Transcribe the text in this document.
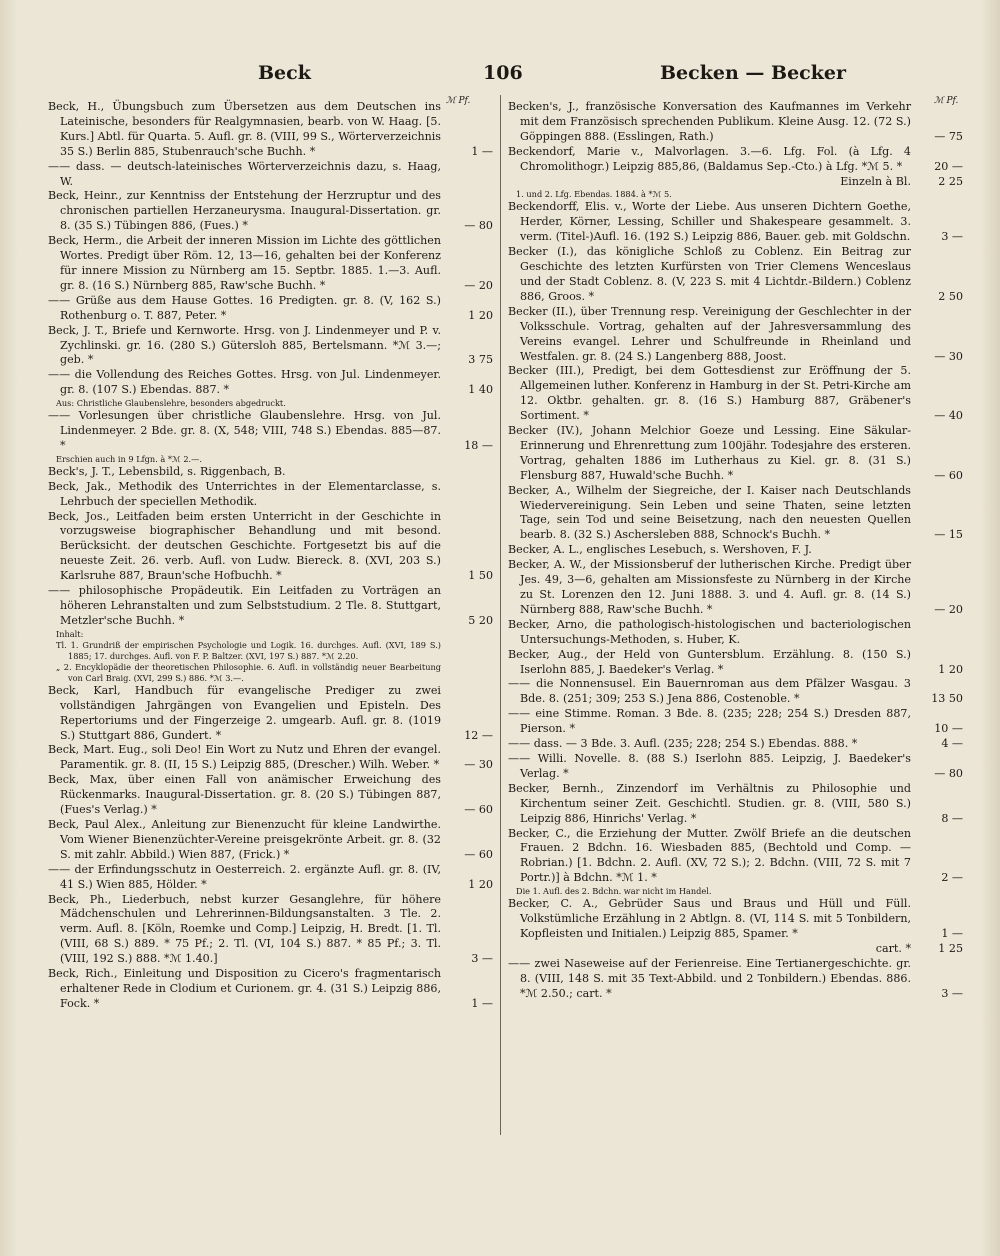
Beck	106	Becken — Becker
ℳ Pf.	ℳ Pf.
Beck, H., Übungsbuch zum Übersetzen aus dem Deutschen ins Lateinische, besonders für Realgymnasien, bearb. von W. Haag. [5. Kurs.] Abtl. für Quarta. 5. Aufl. gr. 8. (VIII, 99 S., Wörterverzeichnis 35 S.) Berlin 885, Stubenrauch'sche Buchh. *	1 —
—— dass. — deutsch-lateinisches Wörterverzeichnis dazu, s. Haag, W.
Beck, Heinr., zur Kenntniss der Entstehung der Herzruptur und des chronischen partiellen Herzaneurysma. Inaugural-Dissertation. gr. 8. (35 S.) Tübingen 886, (Fues.) *	— 80
Beck, Herm., die Arbeit der inneren Mission im Lichte des göttlichen Wortes. Predigt über Röm. 12, 13—16, gehalten bei der Konferenz für innere Mission zu Nürnberg am 15. Septbr. 1885. 1.—3. Aufl. gr. 8. (16 S.) Nürnberg 885, Raw'sche Buchh. *	— 20
—— Grüße aus dem Hause Gottes. 16 Predigten. gr. 8. (V, 162 S.) Rothenburg o. T. 887, Peter. *	1 20
Beck, J. T., Briefe und Kernworte. Hrsg. von J. Lindenmeyer und P. v. Zychlinski. gr. 16. (280 S.) Gütersloh 885, Bertelsmann. *ℳ 3.—; geb. *	3 75
—— die Vollendung des Reiches Gottes. Hrsg. von Jul. Lindenmeyer. gr. 8. (107 S.) Ebendas. 887. *	1 40
Aus: Christliche Glaubenslehre, besonders abgedruckt.
—— Vorlesungen über christliche Glaubenslehre. Hrsg. von Jul. Lindenmeyer. 2 Bde. gr. 8. (X, 548; VIII, 748 S.) Ebendas. 885—87. *	18 —
Erschien auch in 9 Lfgn. à *ℳ 2.—.
Beck's, J. T., Lebensbild, s. Riggenbach, B.
Beck, Jak., Methodik des Unterrichtes in der Elementarclasse, s. Lehrbuch der speciellen Methodik.
Beck, Jos., Leitfaden beim ersten Unterricht in der Geschichte in vorzugsweise biographischer Behandlung und mit besond. Berücksicht. der deutschen Geschichte. Fortgesetzt bis auf die neueste Zeit. 26. verb. Aufl. von Ludw. Biereck. 8. (XVI, 203 S.) Karlsruhe 887, Braun'sche Hofbuchh. *	1 50
—— philosophische Propädeutik. Ein Leitfaden zu Vorträgen an höheren Lehranstalten und zum Selbststudium. 2 Tle. 8. Stuttgart, Metzler'sche Buchh. *	5 20
Inhalt:
Tl. 1. Grundriß der empirischen Psychologie und Logik. 16. durchges. Aufl. (XVI, 189 S.) 1885; 17. durchges. Aufl. von F. P. Baltzer. (XVI, 197 S.) 887. *ℳ 2.20.
„ 2. Encyklopädie der theoretischen Philosophie. 6. Aufl. in vollständig neuer Bearbeitung von Carl Braig. (XVI, 299 S.) 886. *ℳ 3.—.
Beck, Karl, Handbuch für evangelische Prediger zu zwei vollständigen Jahrgängen von Evangelien und Episteln. Des Repertoriums und der Fingerzeige 2. umgearb. Aufl. gr. 8. (1019 S.) Stuttgart 886, Gundert. *	12 —
Beck, Mart. Eug., soli Deo! Ein Wort zu Nutz und Ehren der evangel. Paramentik. gr. 8. (II, 15 S.) Leipzig 885, (Drescher.) Wilh. Weber. *	— 30
Beck, Max, über einen Fall von anämischer Erweichung des Rückenmarks. Inaugural-Dissertation. gr. 8. (20 S.) Tübingen 887, (Fues's Verlag.) *	— 60
Beck, Paul Alex., Anleitung zur Bienenzucht für kleine Landwirthe. Vom Wiener Bienenzüchter-Vereine preisgekrönte Arbeit. gr. 8. (32 S. mit zahlr. Abbild.) Wien 887, (Frick.) *	— 60
—— der Erfindungsschutz in Oesterreich. 2. ergänzte Aufl. gr. 8. (IV, 41 S.) Wien 885, Hölder. *	1 20
Beck, Ph., Liederbuch, nebst kurzer Gesanglehre, für höhere Mädchenschulen und Lehrerinnen-Bildungsanstalten. 3 Tle. 2. verm. Aufl. 8. [Köln, Roemke und Comp.] Leipzig, H. Bredt. [1. Tl. (VIII, 68 S.) 889. * 75 Pf.; 2. Tl. (VI, 104 S.) 887. * 85 Pf.; 3. Tl. (VIII, 192 S.) 888. *ℳ 1.40.]	3 —
Beck, Rich., Einleitung und Disposition zu Cicero's fragmentarisch erhaltener Rede in Clodium et Curionem. gr. 4. (31 S.) Leipzig 886, Fock. *	1 —
Becken's, J., französische Konversation des Kaufmannes im Verkehr mit dem Französisch sprechenden Publikum. Kleine Ausg. 12. (72 S.) Göppingen 888. (Esslingen, Rath.)	— 75
Beckendorf, Marie v., Malvorlagen. 3.—6. Lfg. Fol. (à Lfg. 4 Chromolithogr.) Leipzig 885,86, (Baldamus Sep.-Cto.) à Lfg. *ℳ 5. *	20 —
Einzeln à Bl.	2 25
1. und 2. Lfg. Ebendas. 1884. à *ℳ 5.
Beckendorff, Elis. v., Worte der Liebe. Aus unseren Dichtern Goethe, Herder, Körner, Lessing, Schiller und Shakespeare gesammelt. 3. verm. (Titel-)Aufl. 16. (192 S.) Leipzig 886, Bauer. geb. mit Goldschn.	3 —
Becker (I.), das königliche Schloß zu Coblenz. Ein Beitrag zur Geschichte des letzten Kurfürsten von Trier Clemens Wenceslaus und der Stadt Coblenz. 8. (V, 223 S. mit 4 Lichtdr.-Bildern.) Coblenz 886, Groos. *	2 50
Becker (II.), über Trennung resp. Vereinigung der Geschlechter in der Volksschule. Vortrag, gehalten auf der Jahresversammlung des Vereins evangel. Lehrer und Schulfreunde in Rheinland und Westfalen. gr. 8. (24 S.) Langenberg 888, Joost.	— 30
Becker (III.), Predigt, bei dem Gottesdienst zur Eröffnung der 5. Allgemeinen luther. Konferenz in Hamburg in der St. Petri-Kirche am 12. Oktbr. gehalten. gr. 8. (16 S.) Hamburg 887, Gräbener's Sortiment. *	— 40
Becker (IV.), Johann Melchior Goeze und Lessing. Eine Säkular-Erinnerung und Ehrenrettung zum 100jähr. Todesjahre des ersteren. Vortrag, gehalten 1886 im Lutherhaus zu Kiel. gr. 8. (31 S.) Flensburg 887, Huwald'sche Buchh. *	— 60
Becker, A., Wilhelm der Siegreiche, der I. Kaiser nach Deutschlands Wiedervereinigung. Sein Leben und seine Thaten, seine letzten Tage, sein Tod und seine Beisetzung, nach den neuesten Quellen bearb. 8. (32 S.) Aschersleben 888, Schnock's Buchh. *	— 15
Becker, A. L., englisches Lesebuch, s. Wershoven, F. J.
Becker, A. W., der Missionsberuf der lutherischen Kirche. Predigt über Jes. 49, 3—6, gehalten am Missionsfeste zu Nürnberg in der Kirche zu St. Lorenzen den 12. Juni 1888. 3. und 4. Aufl. gr. 8. (14 S.) Nürnberg 888, Raw'sche Buchh. *	— 20
Becker, Arno, die pathologisch-histologischen und bacteriologischen Untersuchungs-Methoden, s. Huber, K.
Becker, Aug., der Held von Guntersblum. Erzählung. 8. (150 S.) Iserlohn 885, J. Baedeker's Verlag. *	1 20
—— die Nonnensusel. Ein Bauernroman aus dem Pfälzer Wasgau. 3 Bde. 8. (251; 309; 253 S.) Jena 886, Costenoble. *	13 50
—— eine Stimme. Roman. 3 Bde. 8. (235; 228; 254 S.) Dresden 887, Pierson. *	10 —
—— dass. — 3 Bde. 3. Aufl. (235; 228; 254 S.) Ebendas. 888. *	4 —
—— Willi. Novelle. 8. (88 S.) Iserlohn 885. Leipzig, J. Baedeker's Verlag. *	— 80
Becker, Bernh., Zinzendorf im Verhältnis zu Philosophie und Kirchentum seiner Zeit. Geschichtl. Studien. gr. 8. (VIII, 580 S.) Leipzig 886, Hinrichs' Verlag. *	8 —
Becker, C., die Erziehung der Mutter. Zwölf Briefe an die deutschen Frauen. 2 Bdchn. 16. Wiesbaden 885, (Bechtold und Comp. — Robrian.) [1. Bdchn. 2. Aufl. (XV, 72 S.); 2. Bdchn. (VIII, 72 S. mit 7 Portr.)] à Bdchn. *ℳ 1. *	2 —
Die 1. Aufl. des 2. Bdchn. war nicht im Handel.
Becker, C. A., Gebrüder Saus und Braus und Hüll und Füll. Volkstümliche Erzählung in 2 Abtlgn. 8. (VI, 114 S. mit 5 Tonbildern, Kopfleisten und Initialen.) Leipzig 885, Spamer. *	1 —
cart. *	1 25
—— zwei Naseweise auf der Ferienreise. Eine Tertianergeschichte. gr. 8. (VIII, 148 S. mit 35 Text-Abbild. und 2 Tonbildern.) Ebendas. 886. *ℳ 2.50.; cart. *	3 —
